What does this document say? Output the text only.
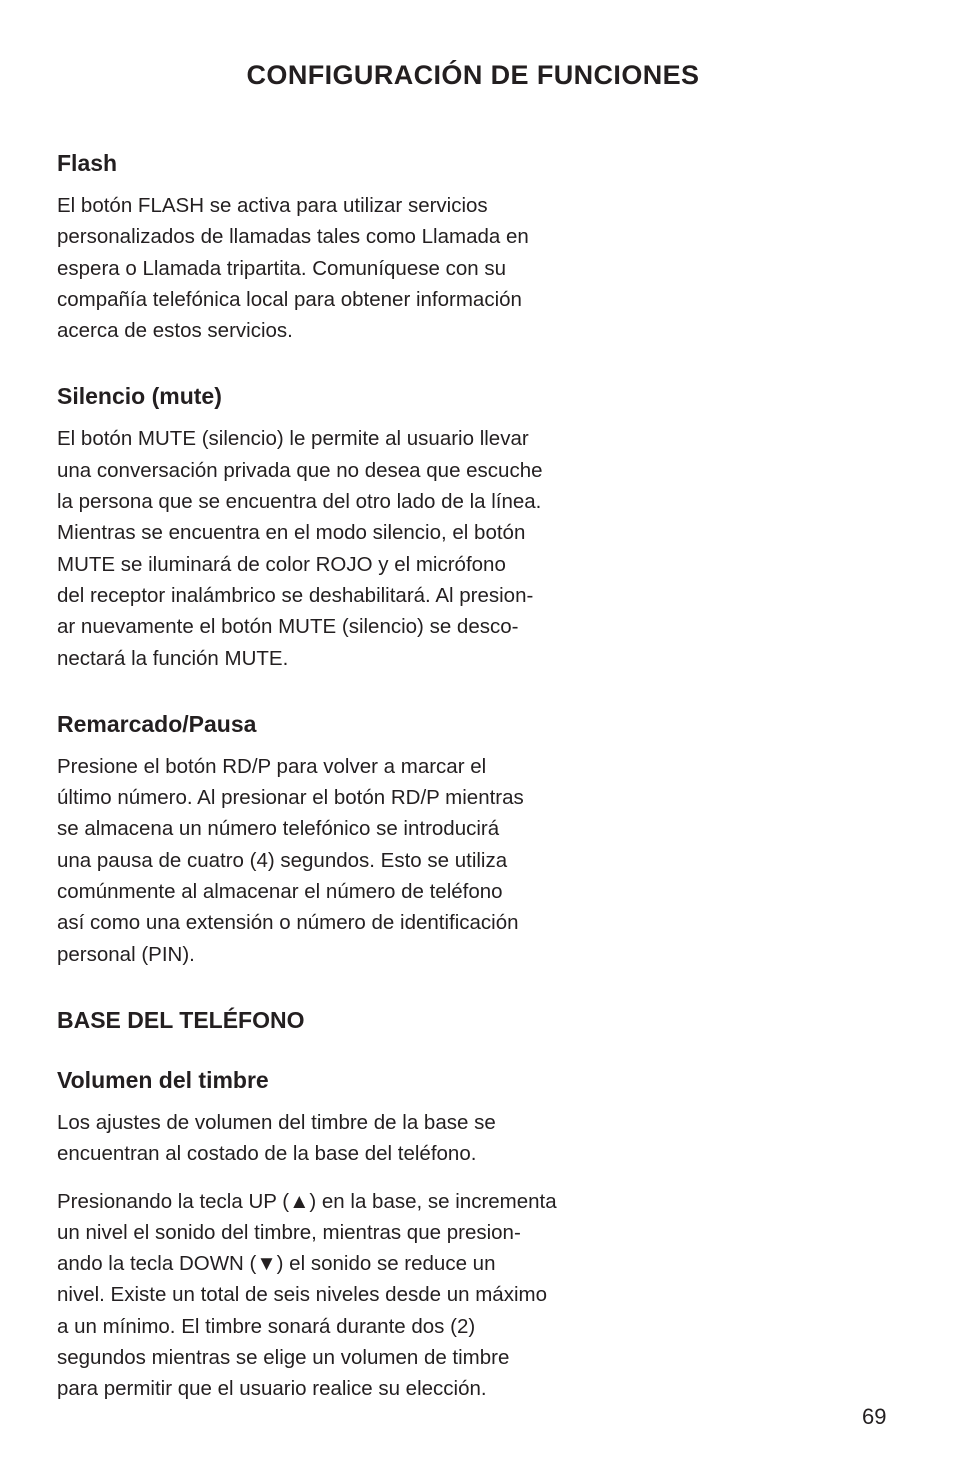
CONFIGURACIÓN DE FUNCIONES
Flash

El botón FLASH se activa para utilizar servicios
personalizados de llamadas tales como Llamada en
espera o Llamada tripartita. Comuníquese con su
compañía telefónica local para obtener información
acerca de estos servicios.

Silencio (mute)

El botón MUTE (silencio) le permite al usuario llevar
una conversación privada que no desea que escuche
la persona que se encuentra del otro lado de la línea.
Mientras se encuentra en el modo silencio, el botón
MUTE se iluminará de color ROJO y el micrófono
del receptor inalámbrico se deshabilitará. Al presion-
ar nuevamente el botón MUTE (silencio) se desco-
nectará la función MUTE.

Remarcado/Pausa

Presione el botón RD/P para volver a marcar el
último número. Al presionar el botón RD/P mientras
se almacena un número telefónico se introducirá
una pausa de cuatro (4) segundos. Esto se utiliza
comúnmente al almacenar el número de teléfono
así como una extensión o número de identificación
personal (PIN).

BASE DEL TELÉFONO
Volumen del timbre

Los ajustes de volumen del timbre de la base se
encuentran al costado de la base del teléfono.

Presionando la tecla UP (▲) en la base, se incrementa
un nivel el sonido del timbre, mientras que presion-
ando la tecla DOWN (▼) el sonido se reduce un
nivel. Existe un total de seis niveles desde un máximo
a un mínimo. El timbre sonará durante dos (2)
segundos mientras se elige un volumen de timbre
para permitir que el usuario realice su elección.

69
